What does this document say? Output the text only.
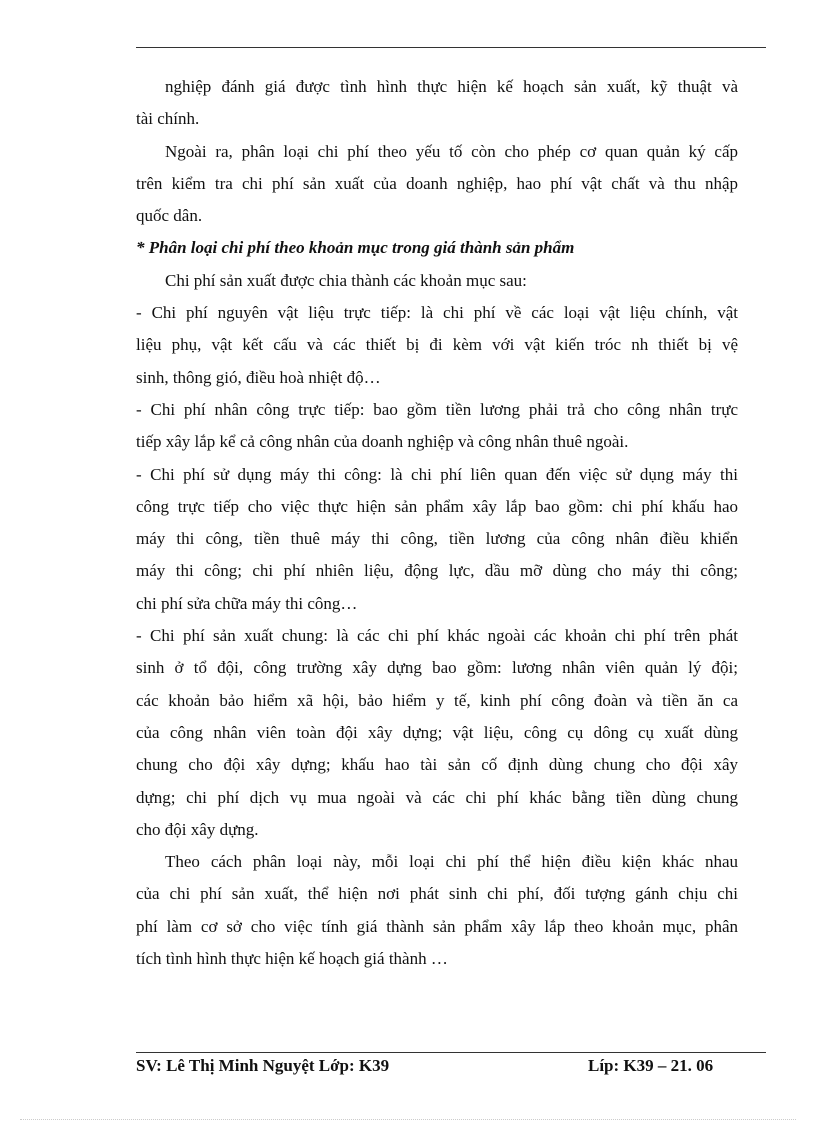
nghiệp đánh giá được tình hình thực hiện kế hoạch sản xuất, kỹ thuật và
tài chính.
Ngoài ra, phân loại chi phí theo yếu tố còn cho phép cơ quan quản ký cấp
trên kiểm tra chi phí sản xuất của doanh nghiệp, hao phí vật chất và thu nhập
quốc dân.
* Phân loại chi phí theo khoản mục trong giá thành sản phẩm
Chi phí sản xuất được chia thành các khoản mục sau:
- Chi phí nguyên vật liệu trực tiếp: là chi phí về các loại vật liệu chính, vật
liệu phụ, vật kết cấu và các thiết bị đi kèm với vật kiến tróc nh thiết bị vệ
sinh, thông gió, điều hoà nhiệt độ…
- Chi phí nhân công trực tiếp: bao gồm tiền lương phải trả cho công nhân trực
tiếp xây lắp kể cả công nhân của doanh nghiệp và công nhân thuê ngoài.
- Chi phí sử dụng máy thi công: là chi phí liên quan đến việc sử dụng máy thi
công trực tiếp cho việc thực hiện sản phẩm xây lắp bao gồm: chi phí khấu hao
máy thi công, tiền thuê máy thi công, tiền lương của công nhân điều khiển
máy thi công; chi phí nhiên liệu, động lực, dầu mỡ dùng cho máy thi công;
chi phí sửa chữa máy thi công…
- Chi phí sản xuất chung: là các chi phí khác ngoài các khoản chi phí trên phát
sinh ở tổ đội, công trường xây dựng bao gồm: lương nhân viên quản lý đội;
các khoản bảo hiểm xã hội, bảo hiểm y tế, kinh phí công đoàn và tiền ăn ca
của công nhân viên toàn đội xây dựng; vật liệu, công cụ dông cụ xuất dùng
chung cho đội xây dựng; khấu hao tài sản cố định dùng chung cho đội xây
dựng; chi phí dịch vụ mua ngoài và các chi phí khác bằng tiền dùng chung
cho đội xây dựng.
Theo cách phân loại này, mỗi loại chi phí thể hiện điều kiện khác nhau
của chi phí sản xuất, thể hiện nơi phát sinh chi phí, đối tượng gánh chịu chi
phí làm cơ sở cho việc tính giá thành sản phẩm xây lắp theo khoản mục, phân
tích tình hình thực hiện kế hoạch giá thành …
SV: Lê Thị Minh Nguyệt Lớp: K39	Líp: K39 – 21. 06
